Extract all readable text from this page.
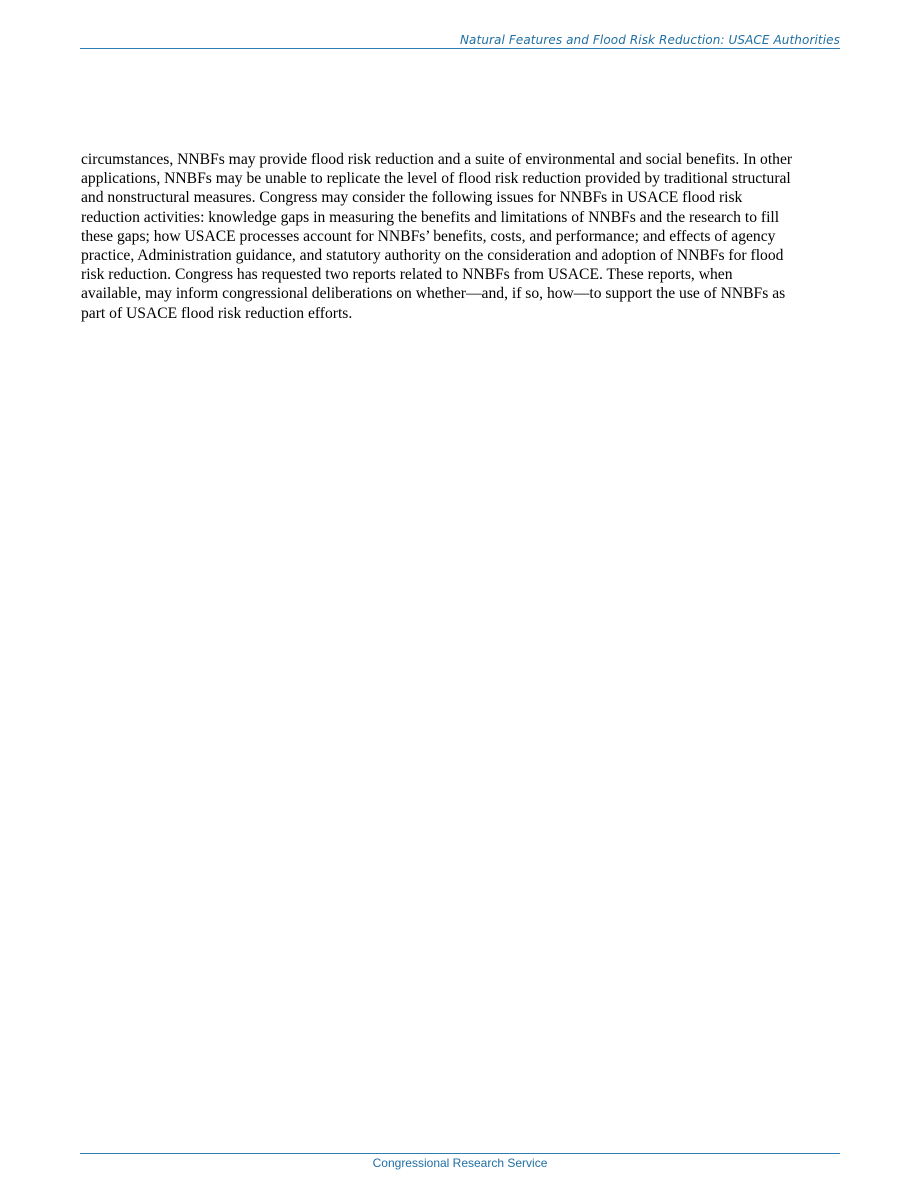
Natural Features and Flood Risk Reduction: USACE Authorities

circumstances, NNBFs may provide flood risk reduction and a suite of environmental and social benefits. In other
applications, NNBFs may be unable to replicate the level of flood risk reduction provided by traditional structural
and nonstructural measures. Congress may consider the following issues for NNBFs in USACE flood risk
reduction activities: knowledge gaps in measuring the benefits and limitations of NNBFs and the research to fill
these gaps; how USACE processes account for NNBFs’ benefits, costs, and performance; and effects of agency
practice, Administration guidance, and statutory authority on the consideration and adoption of NNBFs for flood
risk reduction. Congress has requested two reports related to NNBFs from USACE. These reports, when
available, may inform congressional deliberations on whether—and, if so, how—to support the use of NNBFs as
part of USACE flood risk reduction efforts.

Congressional Research Service
